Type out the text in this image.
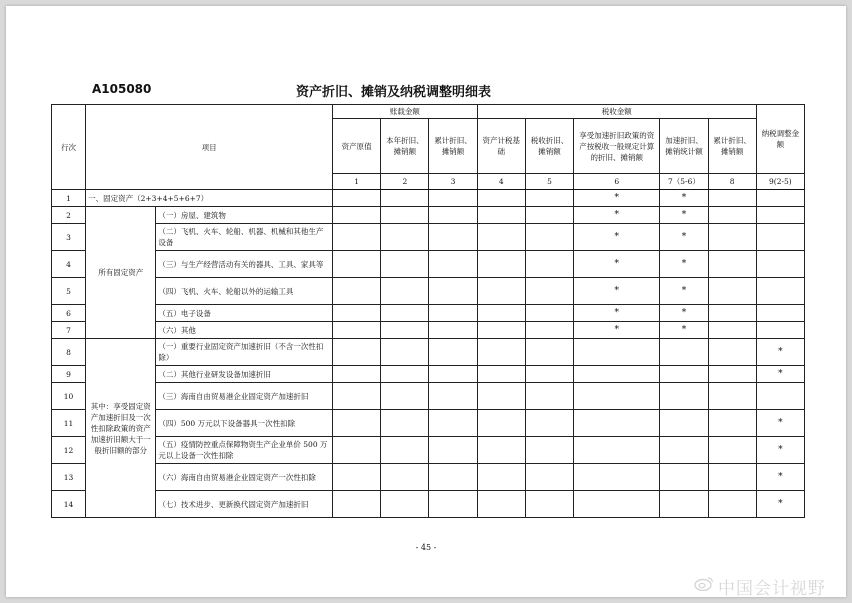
A105080	资产折旧、摊销及纳税调整明细表
行次	项目		账载金额			税收金额					纳税调整金额
			资产原值	本年折旧、摊销额	累计折旧、摊销额	资产计税基础	税收折旧、摊销额	享受加速折旧政策的资产按税收一般规定计算的折旧、摊销额	加速折旧、摊销统计额	累计折旧、摊销额	
			1	2	3	4	5	6	7（5-6）	8	9(2-5)
1	一、固定资产（2+3+4+5+6+7）							*	*		
2	所有固定资产	（一）房屋、建筑物						*	*		
3		（二）飞机、火车、轮船、机器、机械和其他生产设备						*	*		
4		（三）与生产经营活动有关的器具、工具、家具等						*	*		
5		（四）飞机、火车、轮船以外的运输工具						*	*		
6		（五）电子设备						*	*		
7		（六）其他						*	*		
8	其中：享受固定资产加速折旧及一次性扣除政策的资产加速折旧额大于一般折旧额的部分	（一）重要行业固定资产加速折旧（不含一次性扣除）									*
9		（二）其他行业研发设备加速折旧									*
10		（三）海南自由贸易港企业固定资产加速折旧									
11		（四）500 万元以下设备器具一次性扣除									*
12		（五）疫情防控重点保障物资生产企业单价 500 万元以上设备一次性扣除									*
13		（六）海南自由贸易港企业固定资产一次性扣除									*
14		（七）技术进步、更新换代固定资产加速折旧									*
- 45 -
中国会计视野
